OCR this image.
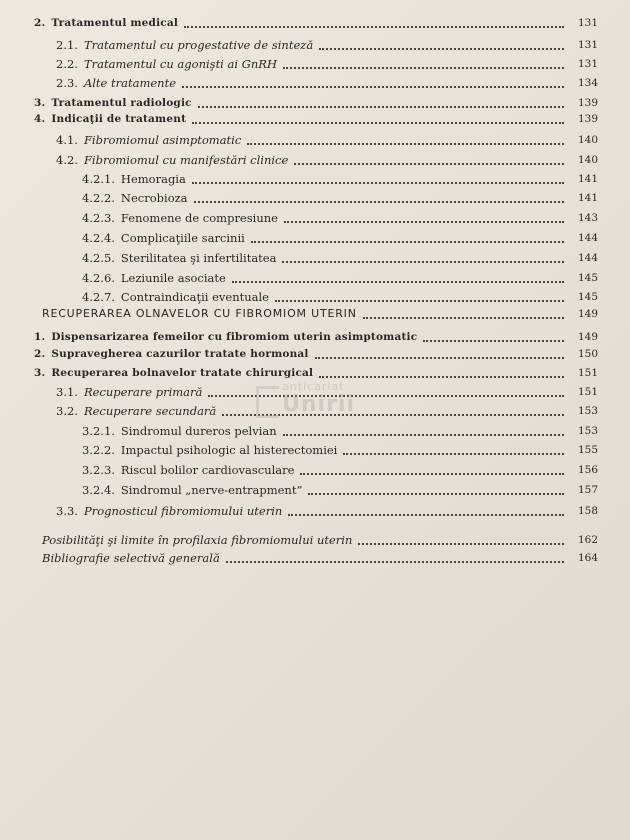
2. Tratamentul medical	131
2.1. Tratamentul cu progestative de sinteză	131
2.2. Tratamentul cu agonişti ai GnRH	131
2.3. Alte tratamente	134
3. Tratamentul radiologic	139
4. Indicaţii de tratament	139
4.1. Fibromiomul asimptomatic	140
4.2. Fibromiomul cu manifestări clinice	140
4.2.1. Hemoragia	141
4.2.2. Necrobioza	141
4.2.3. Fenomene de compresiune	143
4.2.4. Complicaţiile sarcinii	144
4.2.5. Sterilitatea şi infertilitatea	144
4.2.6. Leziunile asociate	145
4.2.7. Contraindicaţii eventuale	145
RECUPERAREA OLNAVELOR CU FIBROMIOM UTERIN	149
1. Dispensarizarea femeilor cu fibromiom uterin asimptomatic	149
2. Supravegherea cazurilor tratate hormonal	150
3. Recuperarea bolnavelor tratate chirurgical	151
3.1. Recuperare primară	151
3.2. Recuperare secundară	153
3.2.1. Sindromul dureros pelvian	153
3.2.2. Impactul psihologic al histerectomiei	155
3.2.3. Riscul bolilor cardiovasculare	156
3.2.4. Sindromul „nerve-entrapment”	157
3.3. Prognosticul fibromiomului uterin	158
Posibilităţi şi limite în profilaxia fibromiomului uterin	162
Bibliografie selectivă generală	164
anticariat
Unirii
